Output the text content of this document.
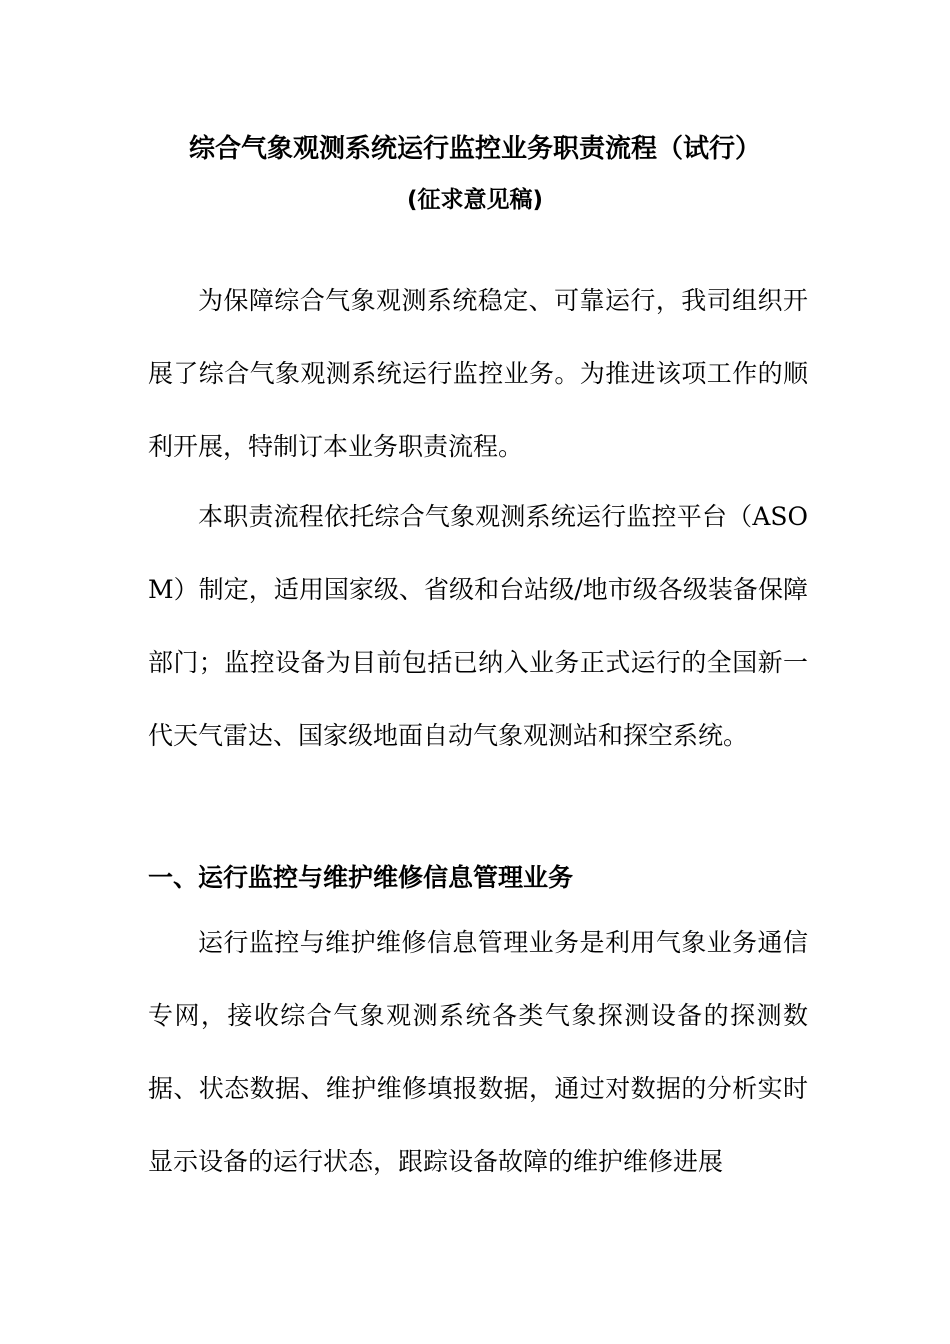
综合气象观测系统运行监控业务职责流程（试行）
(征求意见稿)

为保障综合气象观测系统稳定、可靠运行，我司组织开展了综合气象观测系统运行监控业务。为推进该项工作的顺利开展，特制订本业务职责流程。

本职责流程依托综合气象观测系统运行监控平台（ASOM）制定，适用国家级、省级和台站级/地市级各级装备保障部门；监控设备为目前包括已纳入业务正式运行的全国新一代天气雷达、国家级地面自动气象观测站和探空系统。

一、运行监控与维护维修信息管理业务

运行监控与维护维修信息管理业务是利用气象业务通信专网，接收综合气象观测系统各类气象探测设备的探测数据、状态数据、维护维修填报数据，通过对数据的分析实时显示设备的运行状态，跟踪设备故障的维护维修进展
